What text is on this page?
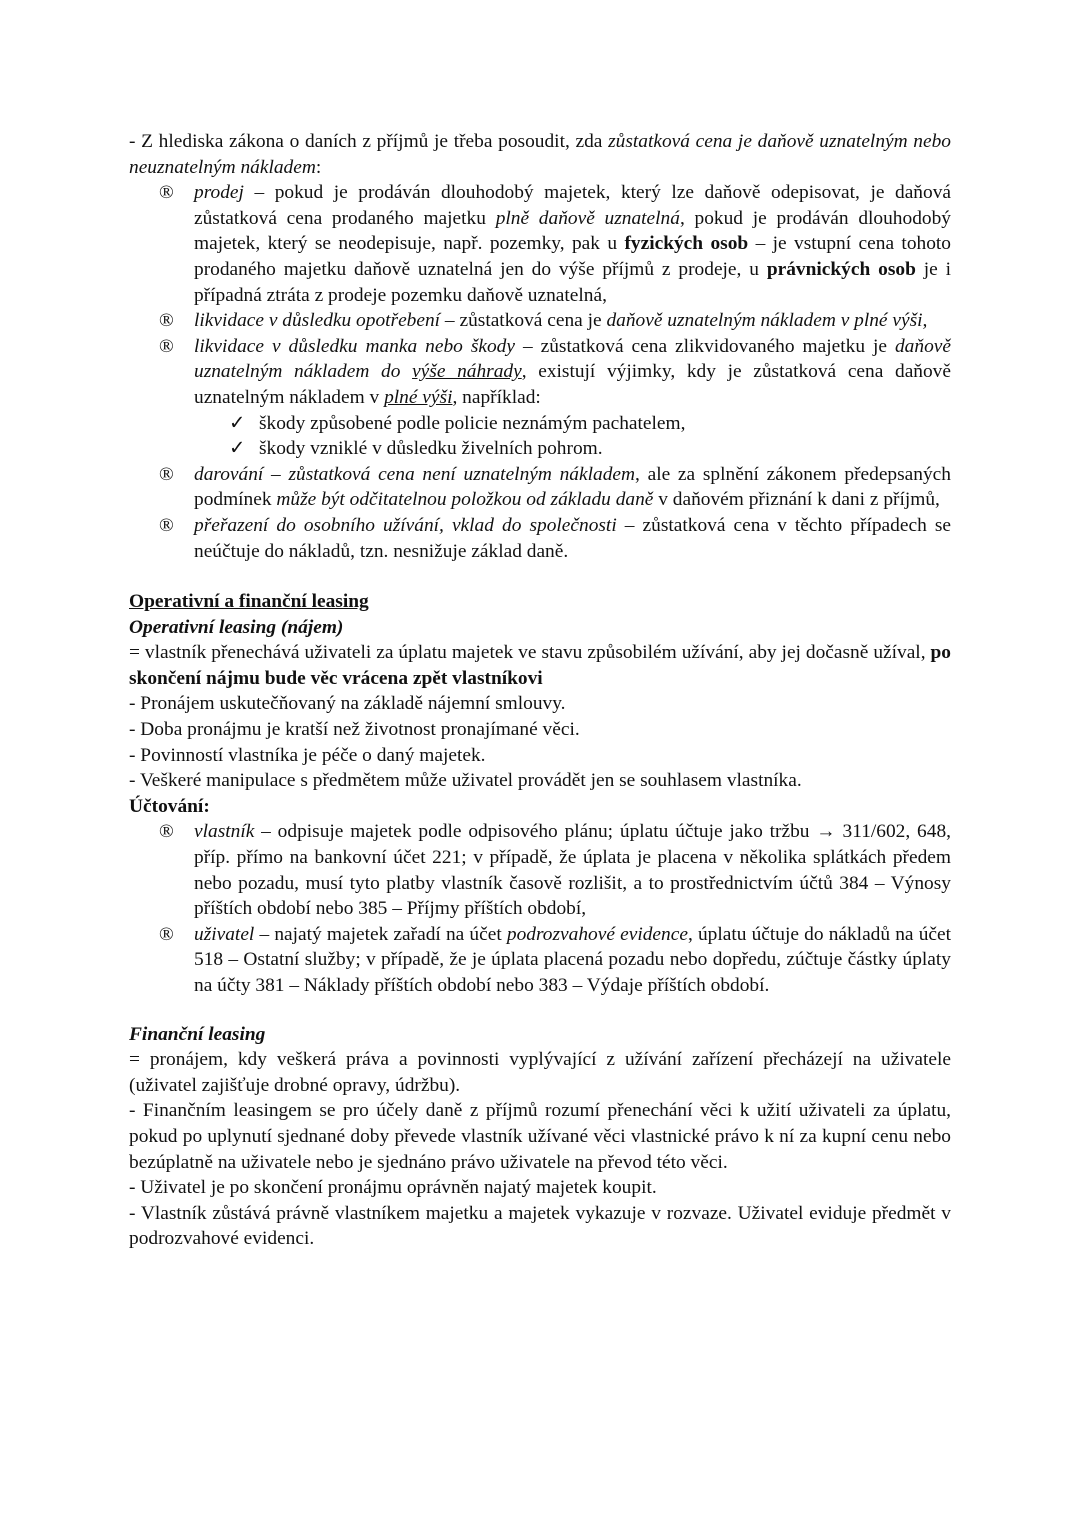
- Z hlediska zákona o daních z příjmů je třeba posoudit, zda zůstatková cena je daňově uznatelným nebo neuznatelným nákladem:

® prodej – pokud je prodáván dlouhodobý majetek, který lze daňově odepisovat, je daňová zůstatková cena prodaného majetku plně daňově uznatelná, pokud je prodáván dlouhodobý majetek, který se neodepisuje, např. pozemky, pak u fyzických osob – je vstupní cena tohoto prodaného majetku daňově uznatelná jen do výše příjmů z prodeje, u právnických osob je i případná ztráta z prodeje pozemku daňově uznatelná,

® likvidace v důsledku opotřebení – zůstatková cena je daňově uznatelným nákladem v plné výši,

® likvidace v důsledku manka nebo škody – zůstatková cena zlikvidovaného majetku je daňově uznatelným nákladem do výše náhrady, existují výjimky, kdy je zůstatková cena daňově uznatelným nákladem v plné výši, například:

✓ škody způsobené podle policie neznámým pachatelem,

✓ škody vzniklé v důsledku živelních pohrom.

® darování – zůstatková cena není uznatelným nákladem, ale za splnění zákonem předepsaných podmínek může být odčitatelnou položkou od základu daně v daňovém přiznání k dani z příjmů,

® přeřazení do osobního užívání, vklad do společnosti – zůstatková cena v těchto případech se neúčtuje do nákladů, tzn. nesnižuje základ daně.

Operativní a finanční leasing

Operativní leasing (nájem)

= vlastník přenechává uživateli za úplatu majetek ve stavu způsobilém užívání, aby jej dočasně užíval, po skončení nájmu bude věc vrácena zpět vlastníkovi

- Pronájem uskutečňovaný na základě nájemní smlouvy.

- Doba pronájmu je kratší než životnost pronajímané věci.

- Povinností vlastníka je péče o daný majetek.

- Veškeré manipulace s předmětem může uživatel provádět jen se souhlasem vlastníka.

Účtování:

® vlastník – odpisuje majetek podle odpisového plánu; úplatu účtuje jako tržbu → 311/602, 648, příp. přímo na bankovní účet 221; v případě, že úplata je placena v několika splátkách předem nebo pozadu, musí tyto platby vlastník časově rozlišit, a to prostřednictvím účtů 384 – Výnosy příštích období nebo 385 – Příjmy příštích období,

® uživatel – najatý majetek zařadí na účet podrozvahové evidence, úplatu účtuje do nákladů na účet 518 – Ostatní služby; v případě, že je úplata placená pozadu nebo dopředu, zúčtuje částky úplaty na účty 381 – Náklady příštích období nebo 383 – Výdaje příštích období.

Finanční leasing

= pronájem, kdy veškerá práva a povinnosti vyplývající z užívání zařízení přecházejí na uživatele (uživatel zajišťuje drobné opravy, údržbu).

- Finančním leasingem se pro účely daně z příjmů rozumí přenechání věci k užití uživateli za úplatu, pokud po uplynutí sjednané doby převede vlastník užívané věci vlastnické právo k ní za kupní cenu nebo bezúplatně na uživatele nebo je sjednáno právo uživatele na převod této věci.

- Uživatel je po skončení pronájmu oprávněn najatý majetek koupit.

- Vlastník zůstává právně vlastníkem majetku a majetek vykazuje v rozvaze. Uživatel eviduje předmět v podrozvahové evidenci.
